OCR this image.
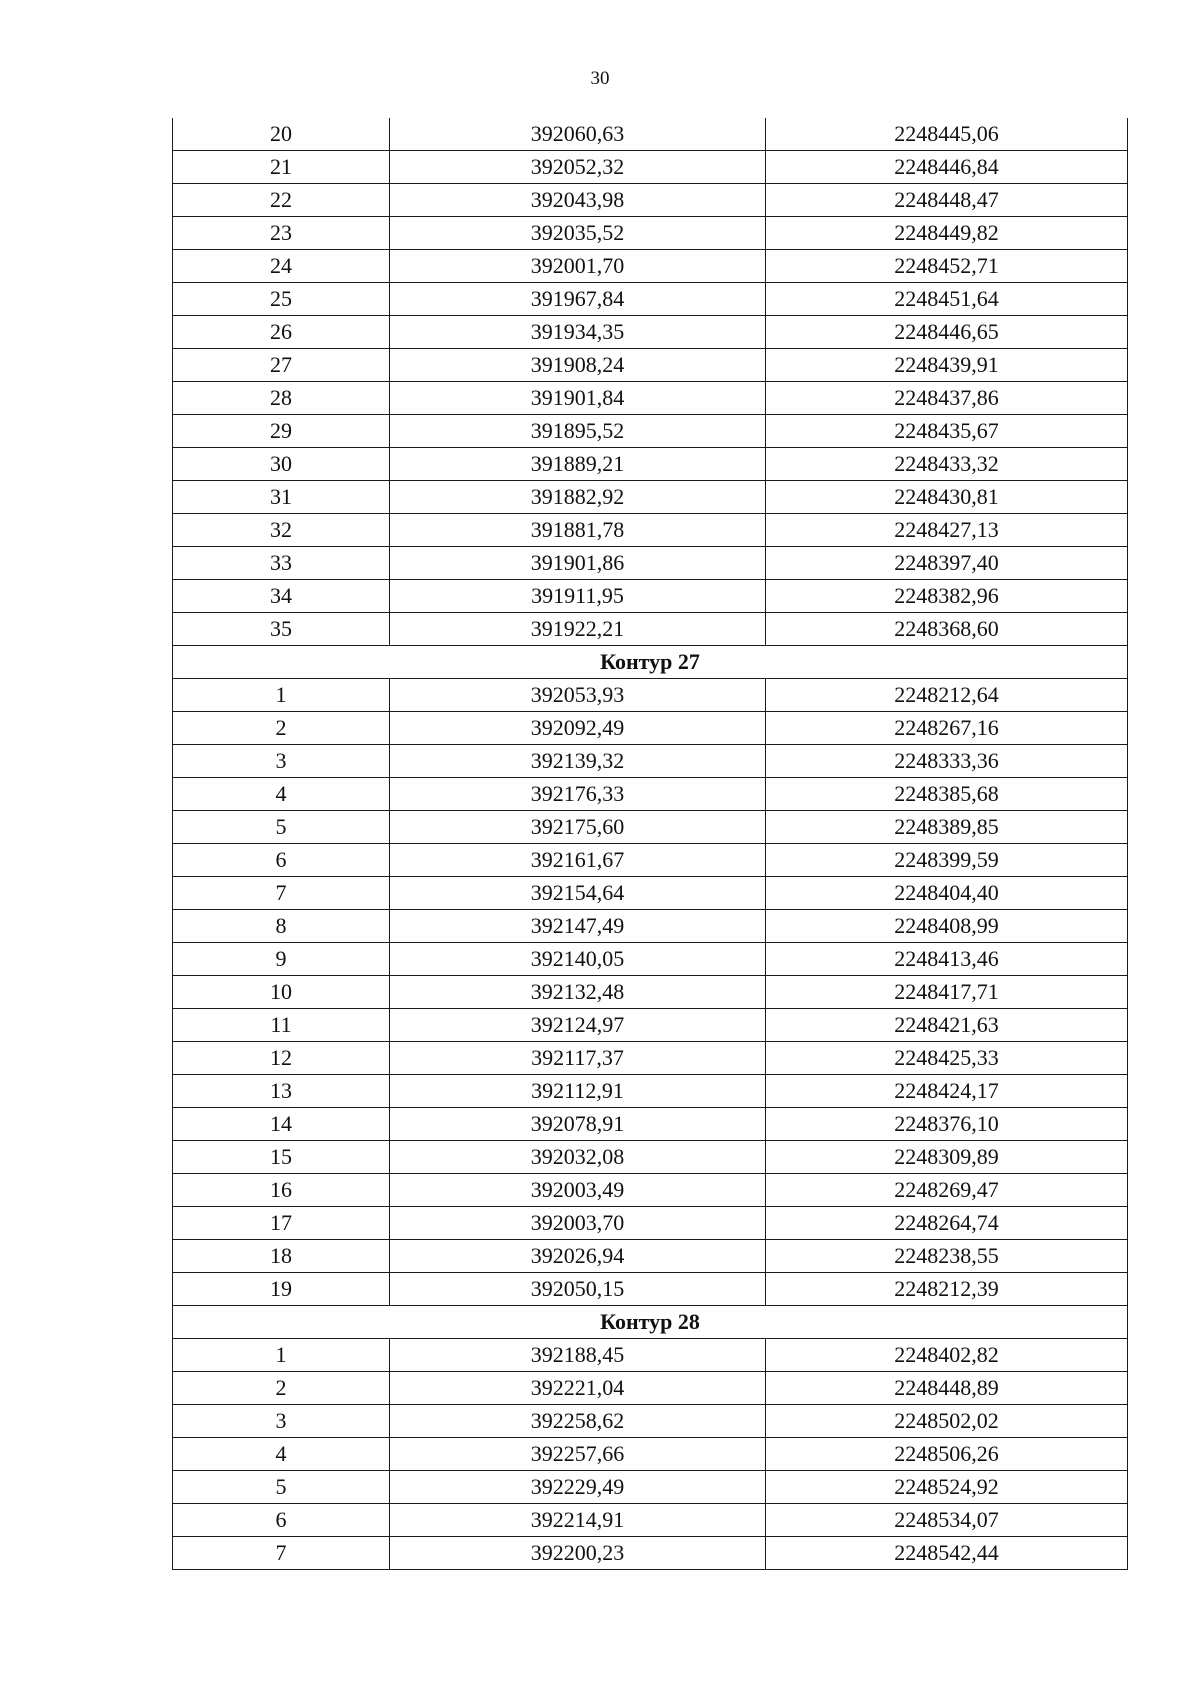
30
20	392060,63	2248445,06
21	392052,32	2248446,84
22	392043,98	2248448,47
23	392035,52	2248449,82
24	392001,70	2248452,71
25	391967,84	2248451,64
26	391934,35	2248446,65
27	391908,24	2248439,91
28	391901,84	2248437,86
29	391895,52	2248435,67
30	391889,21	2248433,32
31	391882,92	2248430,81
32	391881,78	2248427,13
33	391901,86	2248397,40
34	391911,95	2248382,96
35	391922,21	2248368,60
Контур 27		
1	392053,93	2248212,64
2	392092,49	2248267,16
3	392139,32	2248333,36
4	392176,33	2248385,68
5	392175,60	2248389,85
6	392161,67	2248399,59
7	392154,64	2248404,40
8	392147,49	2248408,99
9	392140,05	2248413,46
10	392132,48	2248417,71
11	392124,97	2248421,63
12	392117,37	2248425,33
13	392112,91	2248424,17
14	392078,91	2248376,10
15	392032,08	2248309,89
16	392003,49	2248269,47
17	392003,70	2248264,74
18	392026,94	2248238,55
19	392050,15	2248212,39
Контур 28		
1	392188,45	2248402,82
2	392221,04	2248448,89
3	392258,62	2248502,02
4	392257,66	2248506,26
5	392229,49	2248524,92
6	392214,91	2248534,07
7	392200,23	2248542,44
